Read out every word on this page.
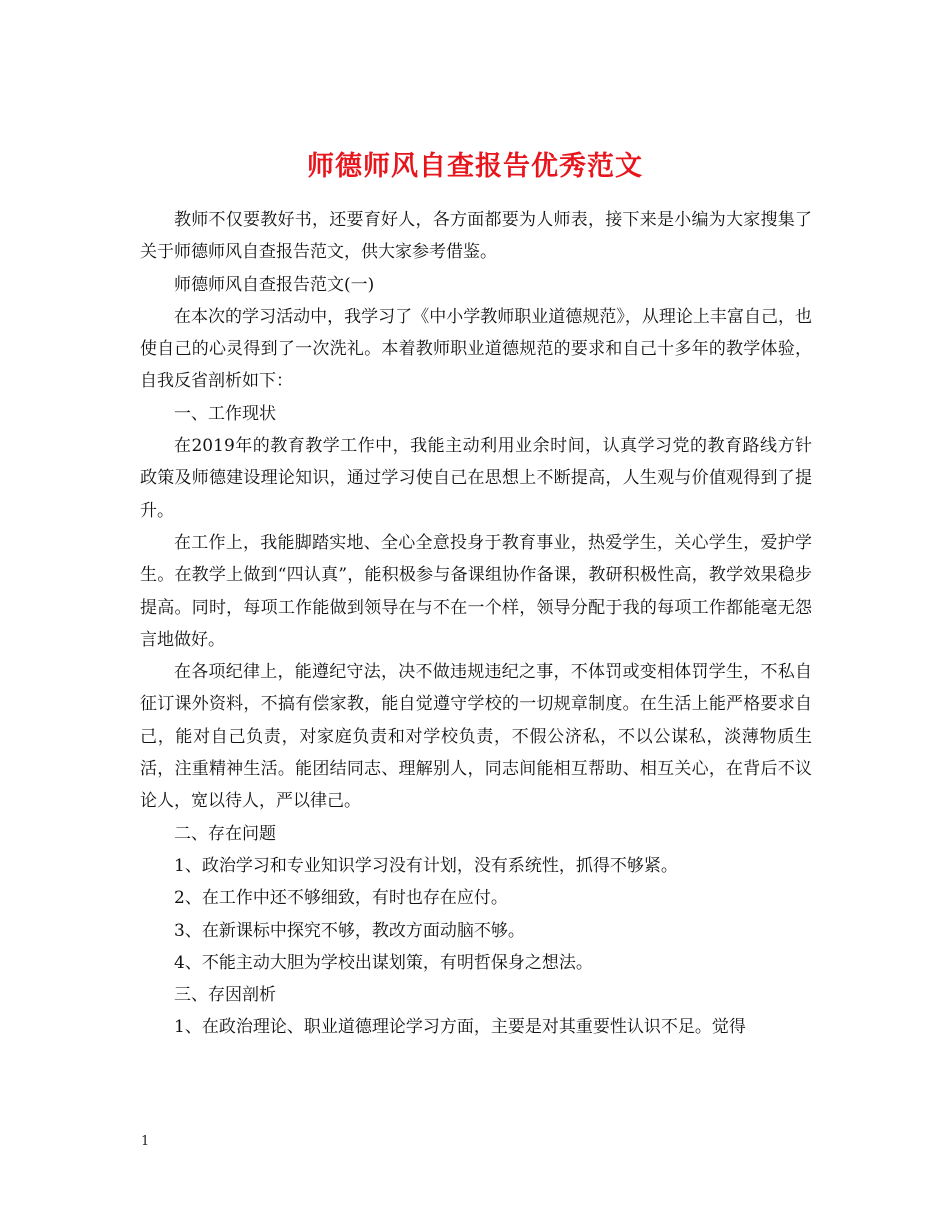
师德师风自查报告优秀范文

教师不仅要教好书，还要育好人，各方面都要为人师表，接下来是小编为大家搜集了关于师德师风自查报告范文，供大家参考借鉴。

师德师风自查报告范文(一)

在本次的学习活动中，我学习了《中小学教师职业道德规范》，从理论上丰富自己，也使自己的心灵得到了一次洗礼。本着教师职业道德规范的要求和自己十多年的教学体验，自我反省剖析如下：

一、工作现状

在2019年的教育教学工作中，我能主动利用业余时间，认真学习党的教育路线方针政策及师德建设理论知识，通过学习使自己在思想上不断提高，人生观与价值观得到了提升。

在工作上，我能脚踏实地、全心全意投身于教育事业，热爱学生，关心学生，爱护学生。在教学上做到“四认真”，能积极参与备课组协作备课，教研积极性高，教学效果稳步提高。同时，每项工作能做到领导在与不在一个样，领导分配于我的每项工作都能毫无怨言地做好。

在各项纪律上，能遵纪守法，决不做违规违纪之事，不体罚或变相体罚学生，不私自征订课外资料，不搞有偿家教，能自觉遵守学校的一切规章制度。在生活上能严格要求自己，能对自己负责，对家庭负责和对学校负责，不假公济私，不以公谋私，淡薄物质生活，注重精神生活。能团结同志、理解别人，同志间能相互帮助、相互关心，在背后不议论人，宽以待人，严以律己。

二、存在问题

1、政治学习和专业知识学习没有计划，没有系统性，抓得不够紧。

2、在工作中还不够细致，有时也存在应付。

3、在新课标中探究不够，教改方面动脑不够。

4、不能主动大胆为学校出谋划策，有明哲保身之想法。

三、存因剖析

1、在政治理论、职业道德理论学习方面，主要是对其重要性认识不足。觉得

1
